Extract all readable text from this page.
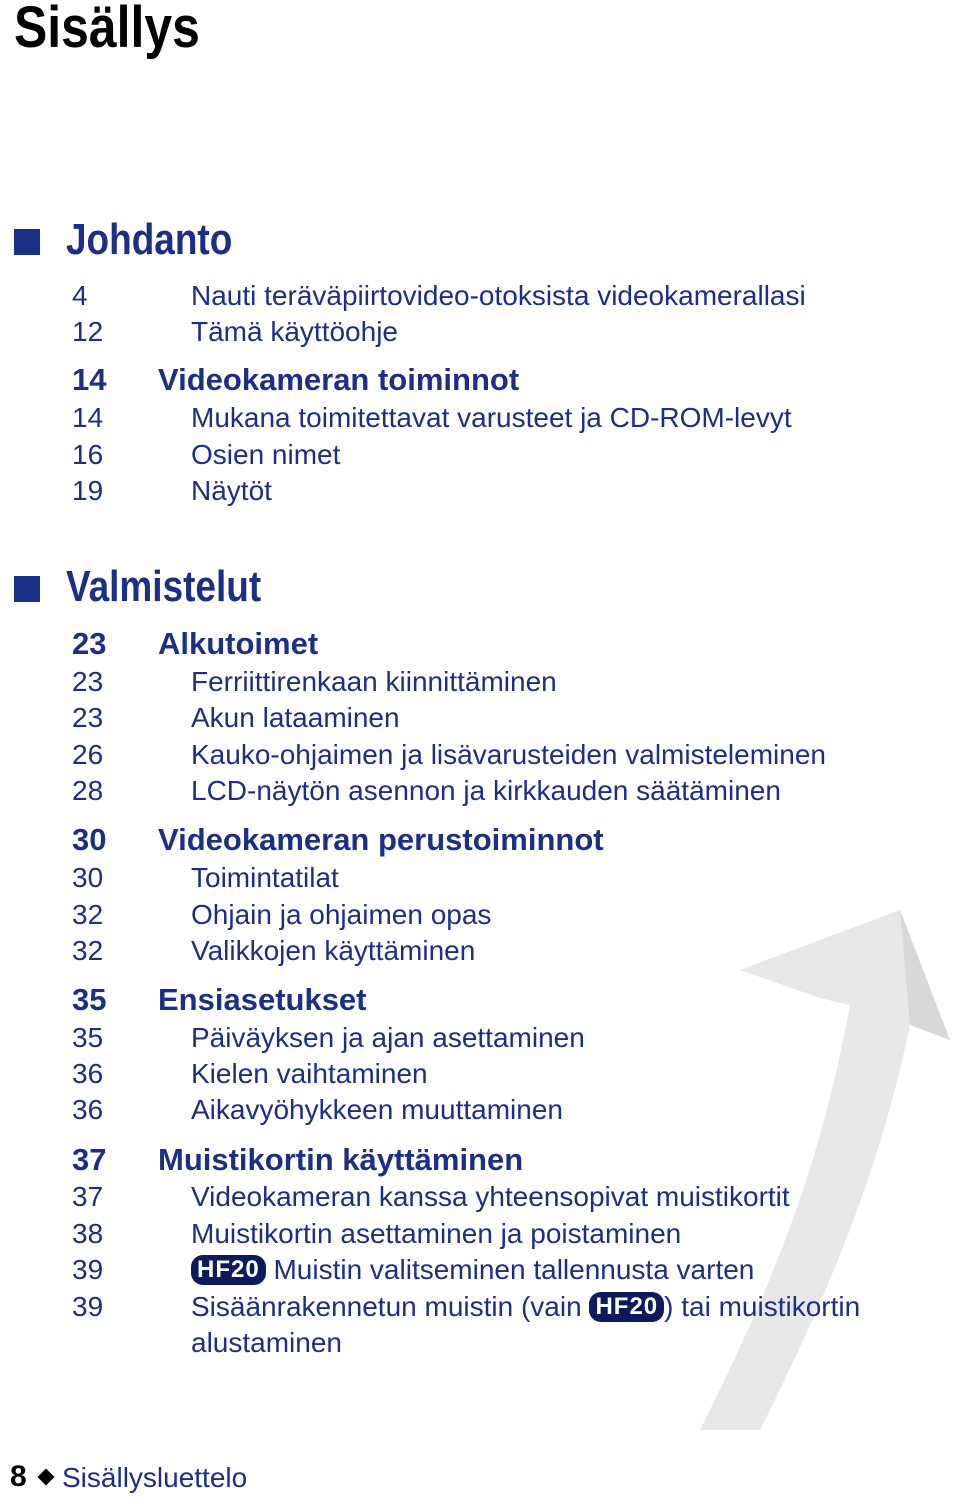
Sisällys
Johdanto
4	Nauti teräväpiirtovideo-otoksista videokamerallasi
12	Tämä käyttöohje
14	Videokameran toiminnot
14	Mukana toimitettavat varusteet ja CD-ROM-levyt
16	Osien nimet
19	Näytöt
Valmistelut
23	Alkutoimet
23	Ferriittirenkaan kiinnittäminen
23	Akun lataaminen
26	Kauko-ohjaimen ja lisävarusteiden valmisteleminen
28	LCD-näytön asennon ja kirkkauden säätäminen
30	Videokameran perustoiminnot
30	Toimintatilat
32	Ohjain ja ohjaimen opas
32	Valikkojen käyttäminen
35	Ensiasetukset
35	Päiväyksen ja ajan asettaminen
36	Kielen vaihtaminen
36	Aikavyöhykkeen muuttaminen
37	Muistikortin käyttäminen
37	Videokameran kanssa yhteensopivat muistikortit
38	Muistikortin asettaminen ja poistaminen
39	HF20 Muistin valitseminen tallennusta varten
39	Sisäänrakennetun muistin (vain HF20 ) tai muistikortin
alustaminen
8 Sisällysluettelo
